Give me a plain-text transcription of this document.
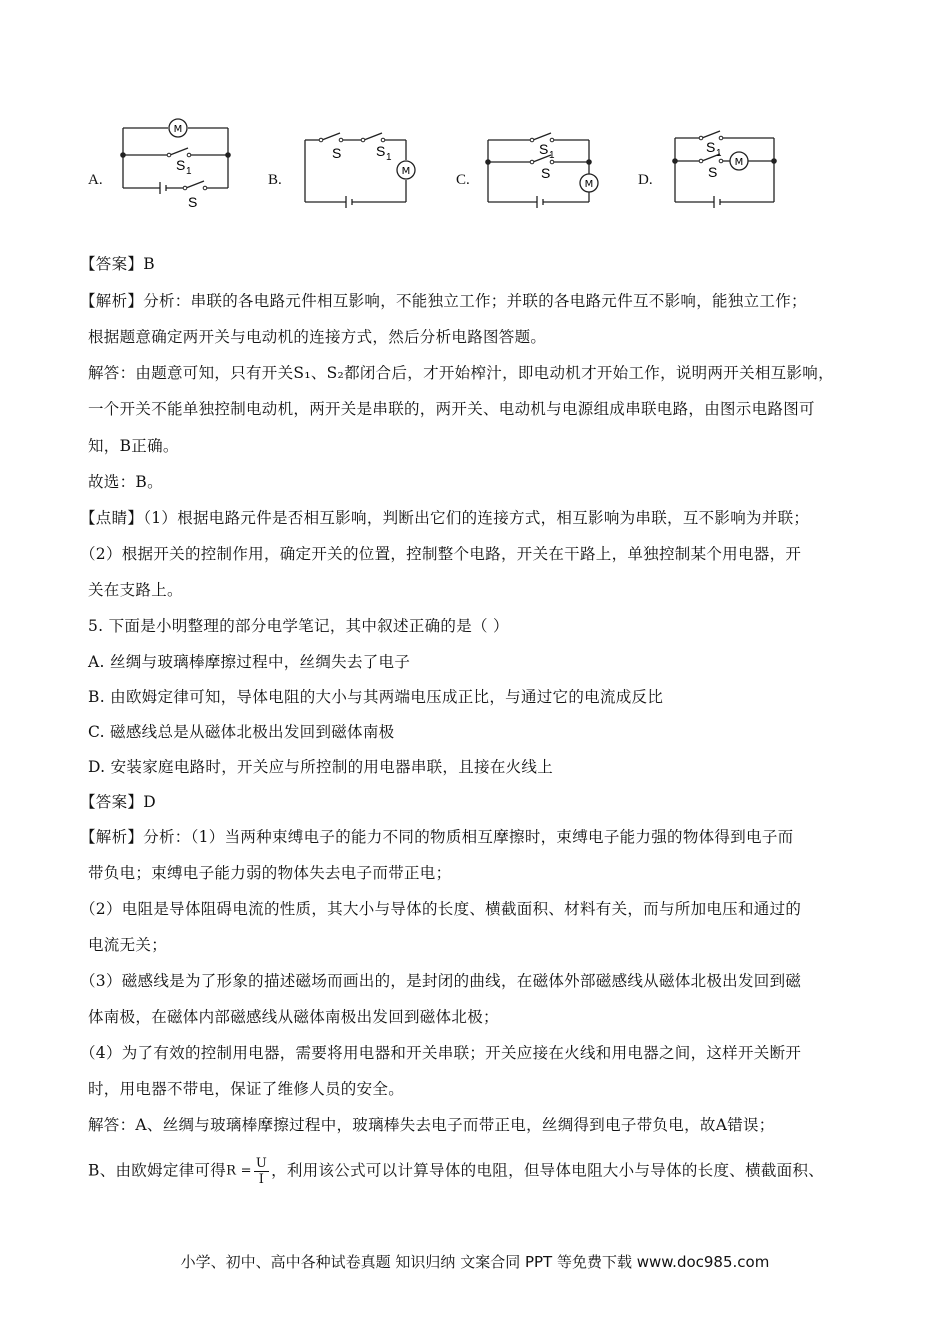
A.
M
S 1
S
B.
M
S S 1
C.	M
S 1
S	D.
M
S 1
S
【答案】B
【解析】分析：串联的各电路元件相互影响，不能独立工作；并联的各电路元件互不影响，能独立工作；
根据题意确定两开关与电动机的连接方式，然后分析电路图答题。
解答：由题意可知，只有开关S₁、S₂都闭合后，才开始榨汁，即电动机才开始工作，说明两开关相互影响，
一个开关不能单独控制电动机，两开关是串联的，两开关、电动机与电源组成串联电路，由图示电路图可
知，B正确。
故选：B。
【点睛】（1）根据电路元件是否相互影响，判断出它们的连接方式，相互影响为串联，互不影响为并联；
（2）根据开关的控制作用，确定开关的位置，控制整个电路，开关在干路上，单独控制某个用电器，开
关在支路上。
5. 下面是小明整理的部分电学笔记，其中叙述正确的是（ ）
A. 丝绸与玻璃棒摩擦过程中，丝绸失去了电子
B. 由欧姆定律可知，导体电阻的大小与其两端电压成正比，与通过它的电流成反比
C. 磁感线总是从磁体北极出发回到磁体南极
D. 安装家庭电路时，开关应与所控制的用电器串联，且接在火线上
【答案】D
【解析】分析：（1）当两种束缚电子的能力不同的物质相互摩擦时，束缚电子能力强的物体得到电子而
带负电；束缚电子能力弱的物体失去电子而带正电；
（2）电阻是导体阻碍电流的性质，其大小与导体的长度、横截面积、材料有关，而与所加电压和通过的
电流无关；
（3）磁感线是为了形象的描述磁场而画出的，是封闭的曲线，在磁体外部磁感线从磁体北极出发回到磁
体南极，在磁体内部磁感线从磁体南极出发回到磁体北极；
（4）为了有效的控制用电器，需要将用电器和开关串联；开关应接在火线和用电器之间，这样开关断开
时，用电器不带电，保证了维修人员的安全。
解答：A、丝绸与玻璃棒摩擦过程中，玻璃棒失去电子而带正电，丝绸得到电子带负电，故A错误；
B、由欧姆定律可得$R = \frac{U}{I}$ ，利用该公式可以计算导体的电阻，但导体电阻大小与导体的长度、横截面积、
小学、初中、高中各种试卷真题 知识归纳 文案合同 PPT 等免费下载 www.doc985.com
